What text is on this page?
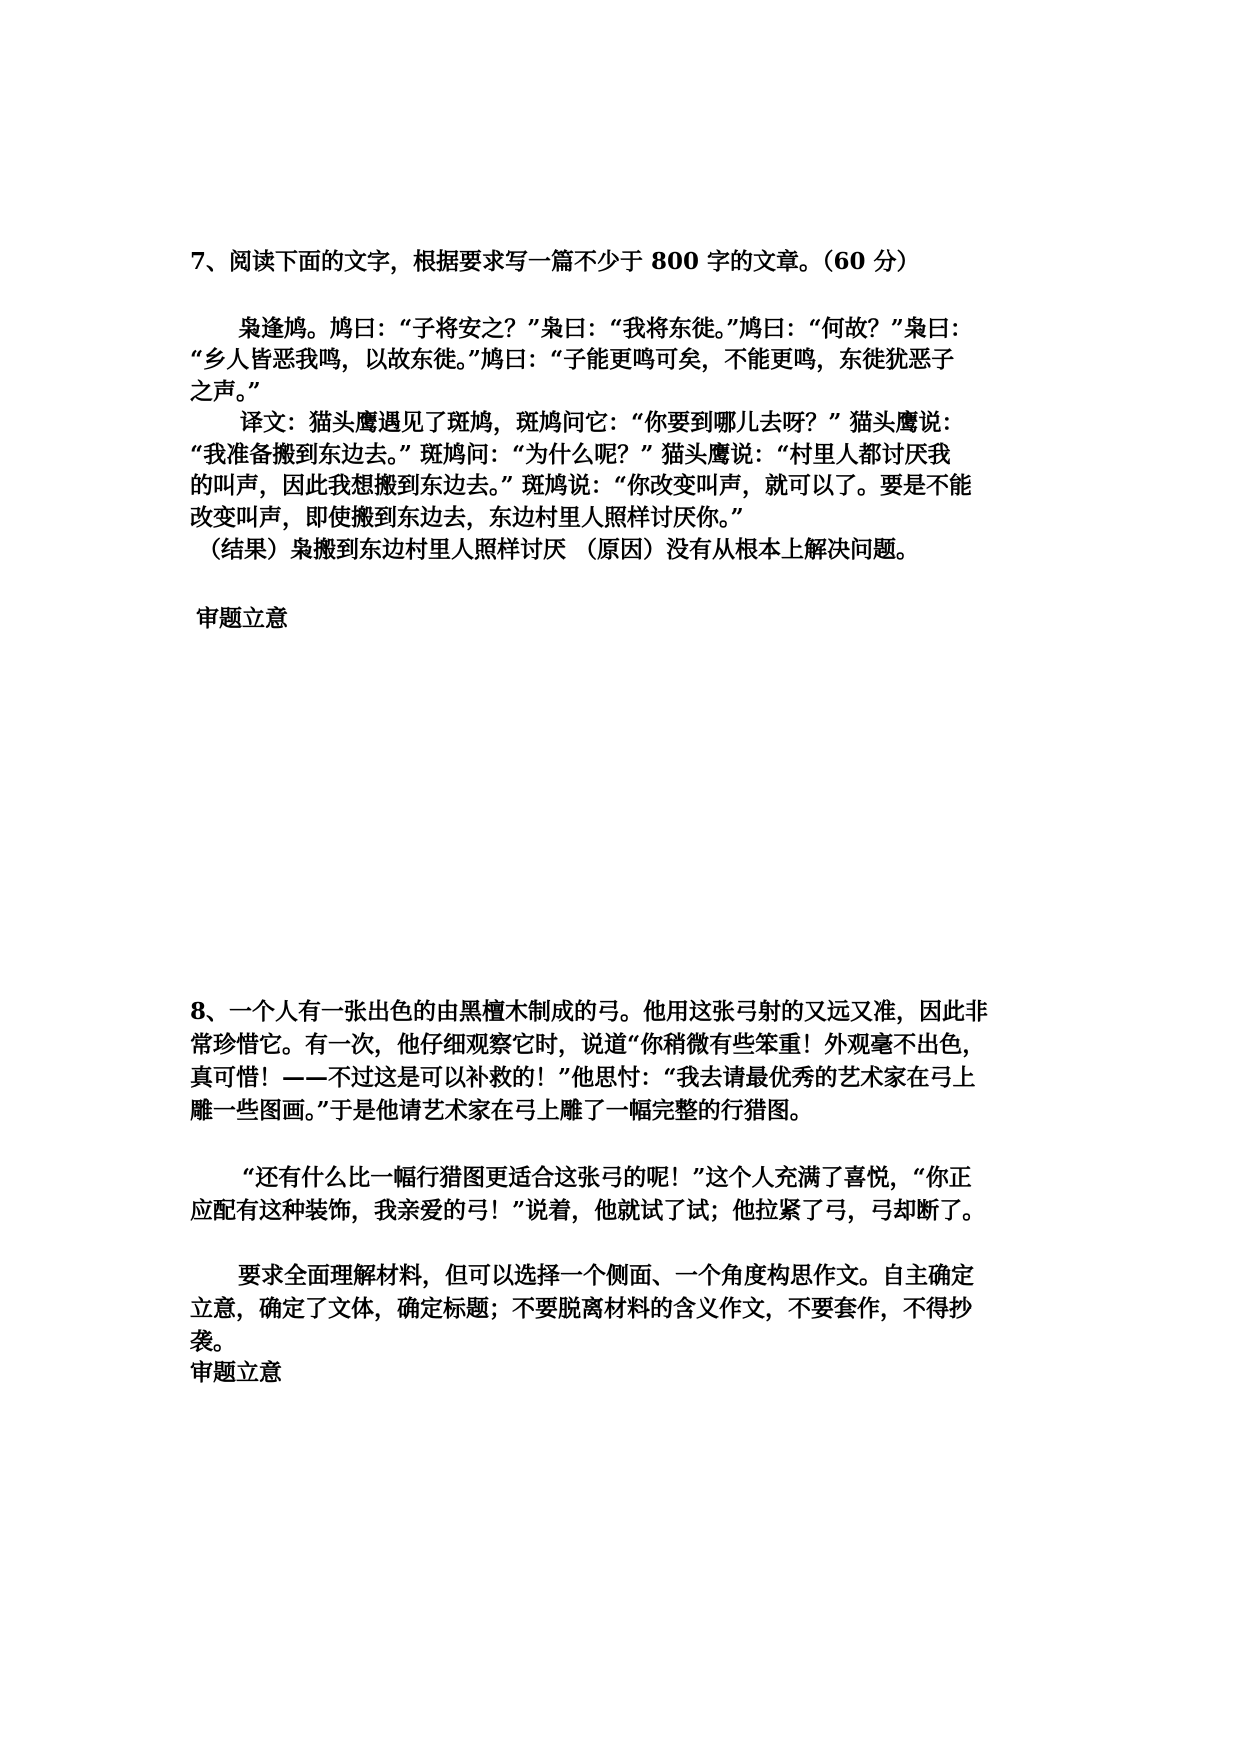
7、阅读下面的文字，根据要求写一篇不少于 800 字的文章。（60 分）
枭逢鸠。鸠曰：“子将安之？”枭曰：“我将东徙。”鸠曰：“何故？”枭曰：
“乡人皆恶我鸣，以故东徙。”鸠曰：“子能更鸣可矣，不能更鸣，东徙犹恶子
之声。”
译文：猫头鹰遇见了斑鸠，斑鸠问它：“你要到哪儿去呀？” 猫头鹰说：
“我准备搬到东边去。” 斑鸠问：“为什么呢？” 猫头鹰说：“村里人都讨厌我
的叫声，因此我想搬到东边去。” 斑鸠说：“你改变叫声，就可以了。要是不能
改变叫声，即使搬到东边去，东边村里人照样讨厌你。”
（结果）枭搬到东边村里人照样讨厌 （原因）没有从根本上解决问题。
审题立意
8、一个人有一张出色的由黑檀木制成的弓。他用这张弓射的又远又准，因此非
常珍惜它。有一次，他仔细观察它时，说道“你稍微有些笨重！外观毫不出色，
真可惜！——不过这是可以补救的！”他思忖：“我去请最优秀的艺术家在弓上
雕一些图画。”于是他请艺术家在弓上雕了一幅完整的行猎图。
“还有什么比一幅行猎图更适合这张弓的呢！”这个人充满了喜悦，“你正
应配有这种装饰，我亲爱的弓！”说着，他就试了试；他拉紧了弓，弓却断了。
要求全面理解材料，但可以选择一个侧面、一个角度构思作文。自主确定
立意，确定了文体，确定标题；不要脱离材料的含义作文，不要套作，不得抄
袭。
审题立意
